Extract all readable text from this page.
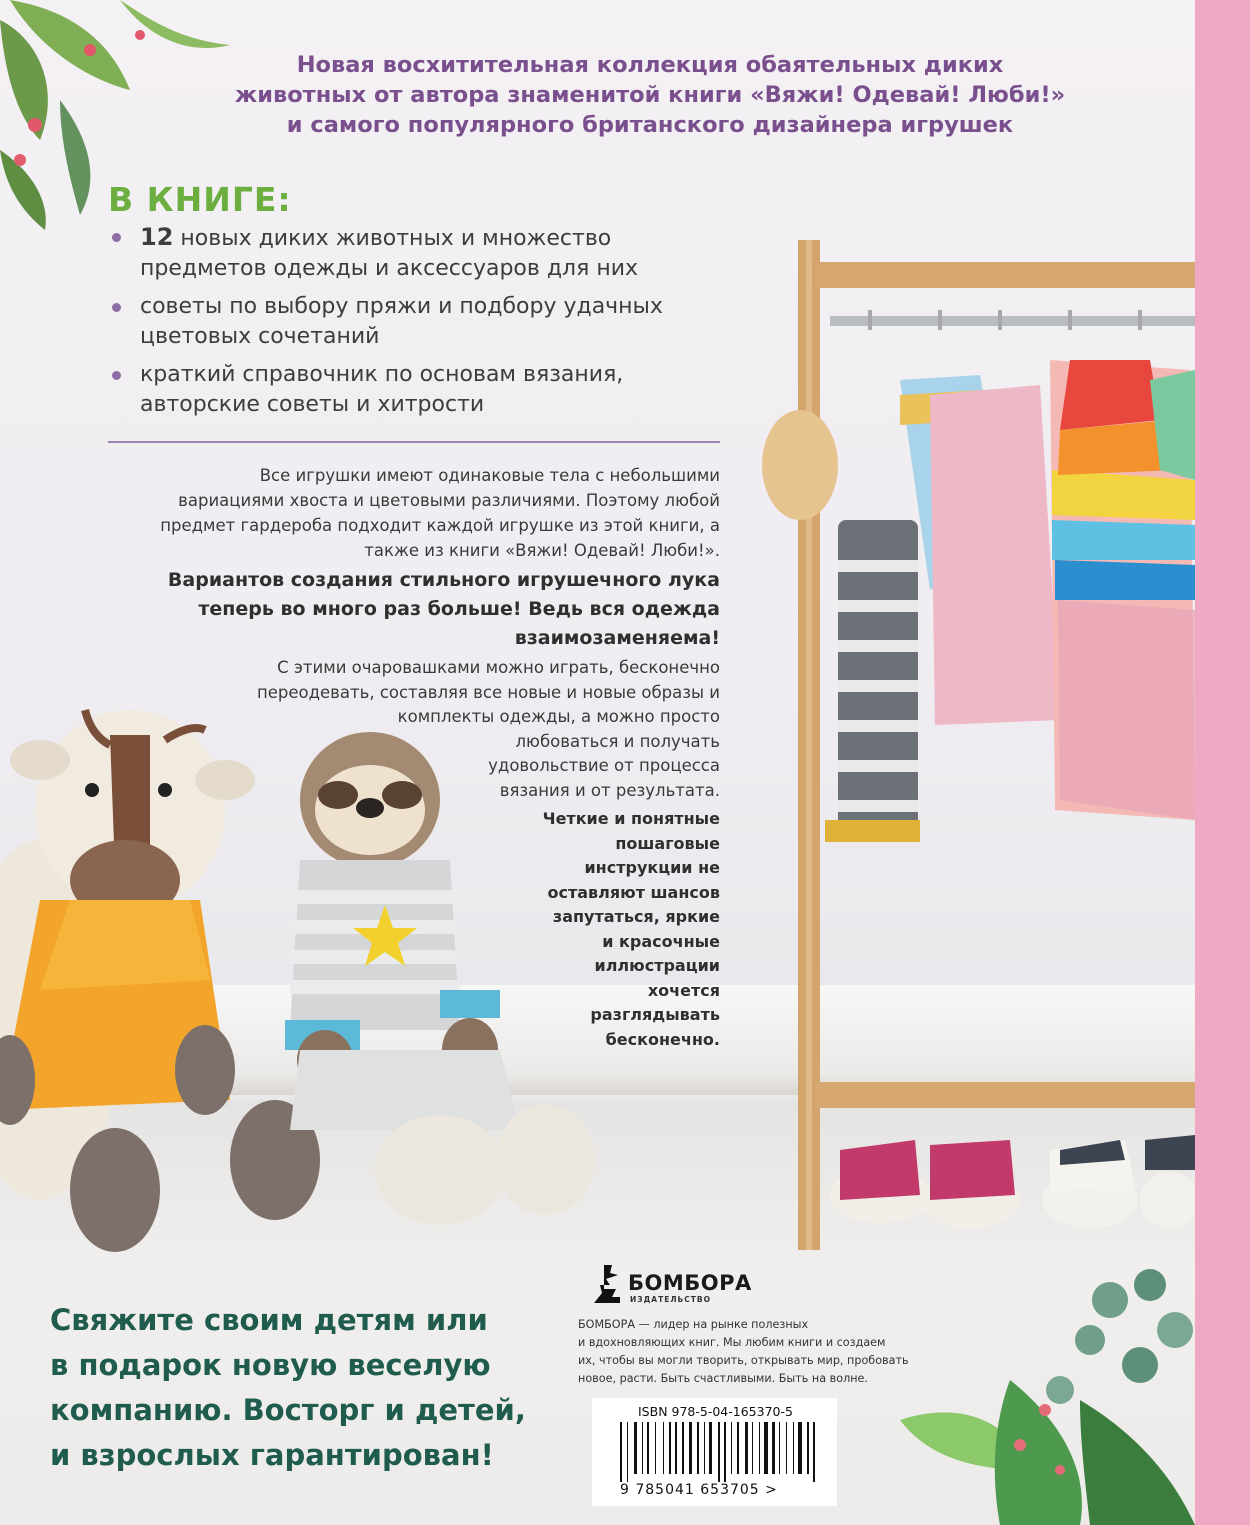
Новая восхитительная коллекция обаятельных диких
животных от автора знаменитой книги «Вяжи! Одевай! Люби!»
и самого популярного британского дизайнера игрушек
В КНИГЕ:
12 новых диких животных и множество
предметов одежды и аксессуаров для них
советы по выбору пряжи и подбору удачных
цветовых сочетаний
краткий справочник по основам вязания,
авторские советы и хитрости
Все игрушки имеют одинаковые тела с небольшими
вариациями хвоста и цветовыми различиями. Поэтому любой
предмет гардероба подходит каждой игрушке из этой книги, а
также из книги «Вяжи! Одевай! Люби!».
Вариантов создания стильного игрушечного лука
теперь во много раз больше! Ведь вся одежда
взаимозаменяема!
С этими очаровашками можно играть, бесконечно
переодевать, составляя все новые и новые образы и
комплекты одежды, а можно просто
любоваться и получать
удовольствие от процесса
вязания и от результата.
Четкие и понятные
пошаговые
инструкции не
оставляют шансов
запутаться, яркие
и красочные
иллюстрации
хочется
разглядывать
бесконечно.
Свяжите своим детям или
в подарок новую веселую
компанию. Восторг и детей,
и взрослых гарантирован!
БОМБОРА
ИЗДАТЕЛЬСТВО
БОМБОРА — лидер на рынке полезных
и вдохновляющих книг. Мы любим книги и создаем
их, чтобы вы могли творить, открывать мир, пробовать
новое, расти. Быть счастливыми. Быть на волне.
ISBN 978-5-04-165370-5
9 785041 653705 >
